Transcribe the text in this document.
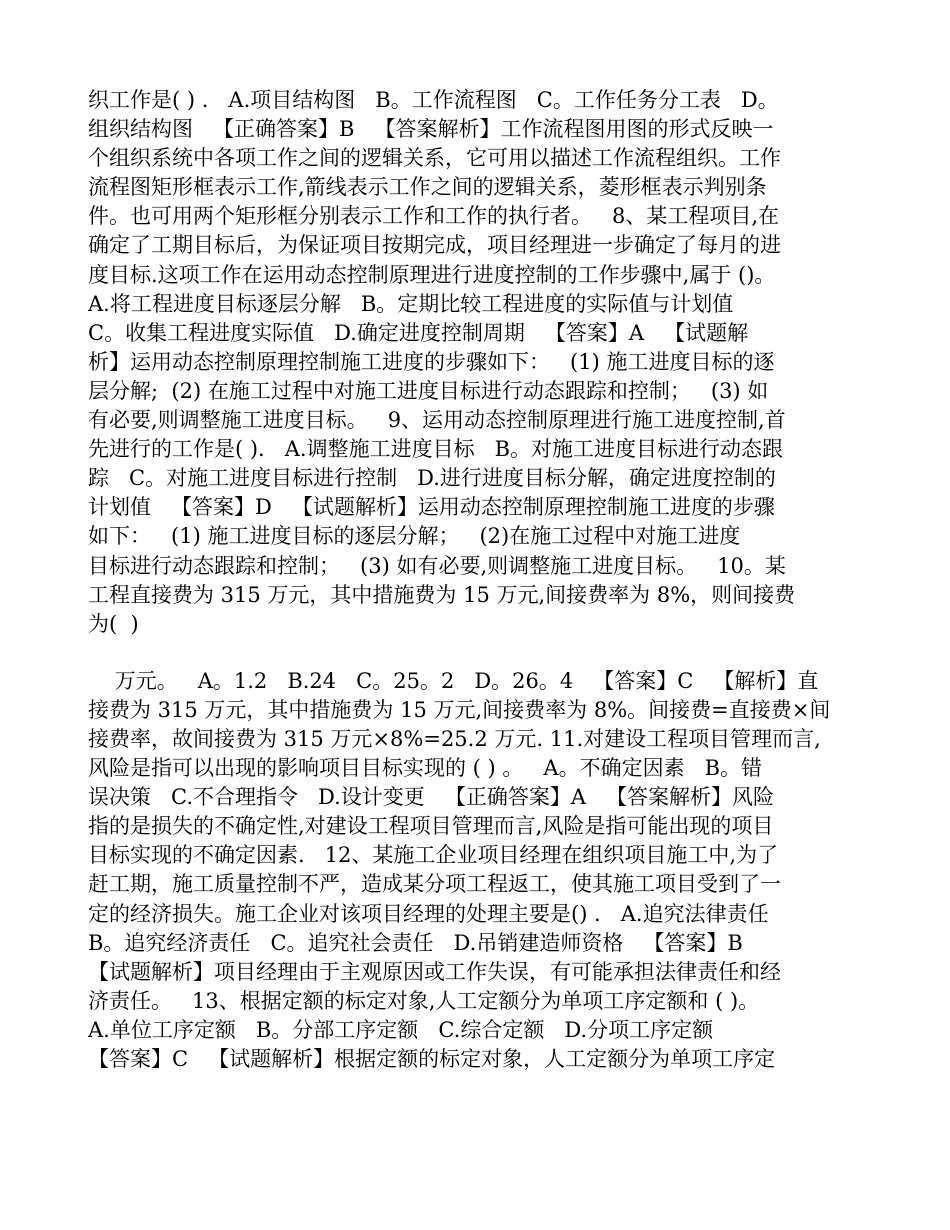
织工作是( ) .   A.项目结构图   B。工作流程图   C。工作任务分工表   D。
组织结构图   【正确答案】B   【答案解析】工作流程图用图的形式反映一
个组织系统中各项工作之间的逻辑关系，它可用以描述工作流程组织。工作
流程图矩形框表示工作,箭线表示工作之间的逻辑关系，菱形框表示判别条
件。也可用两个矩形框分别表示工作和工作的执行者。   8、某工程项目,在
确定了工期目标后，为保证项目按期完成，项目经理进一步确定了每月的进
度目标.这项工作在运用动态控制原理进行进度控制的工作步骤中,属于 ()。
A.将工程进度目标逐层分解   B。定期比较工程进度的实际值与计划值
C。收集工程进度实际值   D.确定进度控制周期   【答案】A   【试题解
析】运用动态控制原理控制施工进度的步骤如下：   (1) 施工进度目标的逐
层分解;  (2) 在施工过程中对施工进度目标进行动态跟踪和控制；   (3) 如
有必要,则调整施工进度目标。   9、运用动态控制原理进行施工进度控制,首
先进行的工作是( ).   A.调整施工进度目标   B。对施工进度目标进行动态跟
踪   C。对施工进度目标进行控制   D.进行进度目标分解，确定进度控制的
计划值   【答案】D   【试题解析】运用动态控制原理控制施工进度的步骤
如下：   (1) 施工进度目标的逐层分解；   (2)在施工过程中对施工进度
目标进行动态跟踪和控制；   (3) 如有必要,则调整施工进度目标。   10。某
工程直接费为 315 万元，其中措施费为 15 万元,间接费率为 8%，则间接费
为(  )
万元。   A。1.2   B.24   C。25。2   D。26。4   【答案】C   【解析】直
接费为 315 万元，其中措施费为 15 万元,间接费率为 8%。间接费=直接费×间
接费率，故间接费为 315 万元×8%=25.2 万元. 11.对建设工程项目管理而言,
风险是指可以出现的影响项目目标实现的 ( ) 。   A。不确定因素   B。错
误决策   C.不合理指令   D.设计变更   【正确答案】A   【答案解析】风险
指的是损失的不确定性,对建设工程项目管理而言,风险是指可能出现的项目
目标实现的不确定因素.   12、某施工企业项目经理在组织项目施工中,为了
赶工期，施工质量控制不严，造成某分项工程返工，使其施工项目受到了一
定的经济损失。施工企业对该项目经理的处理主要是() .   A.追究法律责任
B。追究经济责任   C。追究社会责任   D.吊销建造师资格   【答案】B
【试题解析】项目经理由于主观原因或工作失误，有可能承担法律责任和经
济责任。   13、根据定额的标定对象,人工定额分为单项工序定额和 ( )。
A.单位工序定额   B。分部工序定额   C.综合定额   D.分项工序定额
【答案】C   【试题解析】根据定额的标定对象，人工定额分为单项工序定
